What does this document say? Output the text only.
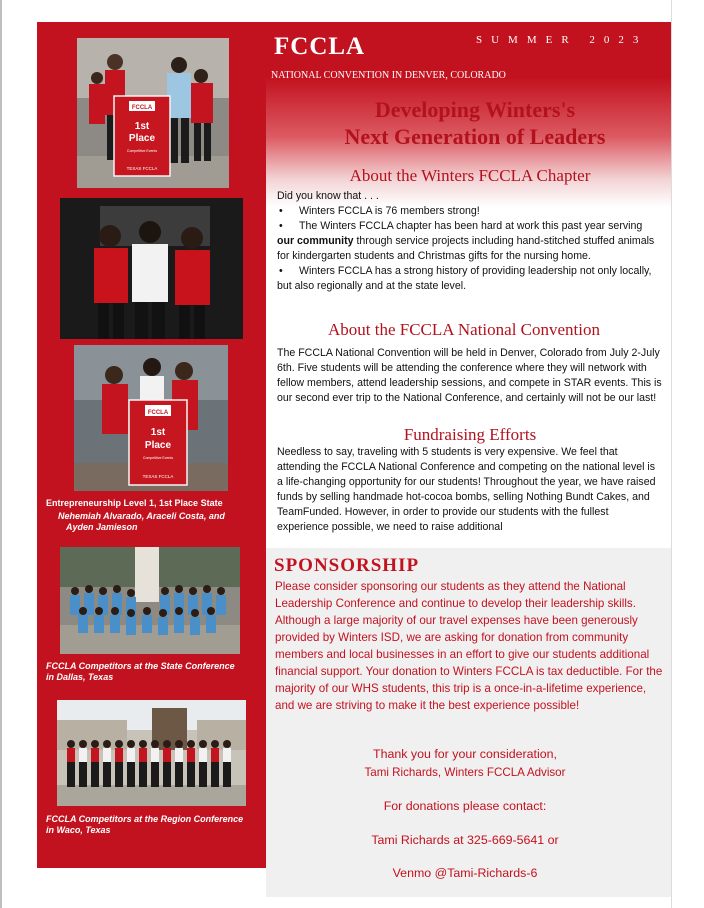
FCCLA
1st
Place
Competitive Events
TEXAS FCCLA
FCCLA
1st
Place
Competitive Events
TEXAS FCCLA
Entrepreneurship Level 1, 1st Place State
Nehemiah Alvarado, Araceli Costa, and

Ayden Jamieson
FCCLA Competitors at the State Conference
in Dallas, Texas
FCCLA Competitors at the Region Conference
in Waco, Texas
FCCLA	SUMMER 2023
NATIONAL CONVENTION IN DENVER, COLORADO
Developing Winters's
Next Generation of Leaders
About the Winters FCCLA Chapter

Did you know that . . .

•	Winters FCCLA is 76 members strong!

• The Winters FCCLA chapter has been hard at work this past year serving our community through service projects including hand-stitched stuffed animals for kindergarten students and Christmas gifts for the nursing home.

• Winters FCCLA has a strong history of providing leadership not only locally, but also regionally and at the state level.

About the FCCLA National Convention

The FCCLA National Convention will be held in Denver, Colorado from July 2-July 6th. Five students will be attending the conference where they will network with fellow members, attend leadership sessions, and compete in STAR events. This is our second ever trip to the National Conference, and certainly will not be our last!

Fundraising Efforts

Needless to say, traveling with 5 students is very expensive. We feel that attending the FCCLA National Conference and competing on the national level is a life-changing opportunity for our students! Throughout the year, we have raised funds by selling handmade hot-cocoa bombs, selling Nothing Bundt Cakes, and TeamFunded. However, in order to provide our students with the fullest experience possible, we need to raise additional

SPONSORSHIP

Please consider sponsoring our students as they attend the National Leadership Conference and continue to develop their leadership skills. Although a large majority of our travel expenses have been generously provided by Winters ISD, we are asking for donation from community members and local businesses in an effort to give our students additional financial support. Your donation to Winters FCCLA is tax deductible. For the majority of our WHS students, this trip is a once-in-a-lifetime experience, and we are striving to make it the best experience possible!

Thank you for your consideration,
Tami Richards, Winters FCCLA Advisor
For donations please contact:
Tami Richards at 325-669-5641 or
Venmo @Tami-Richards-6
